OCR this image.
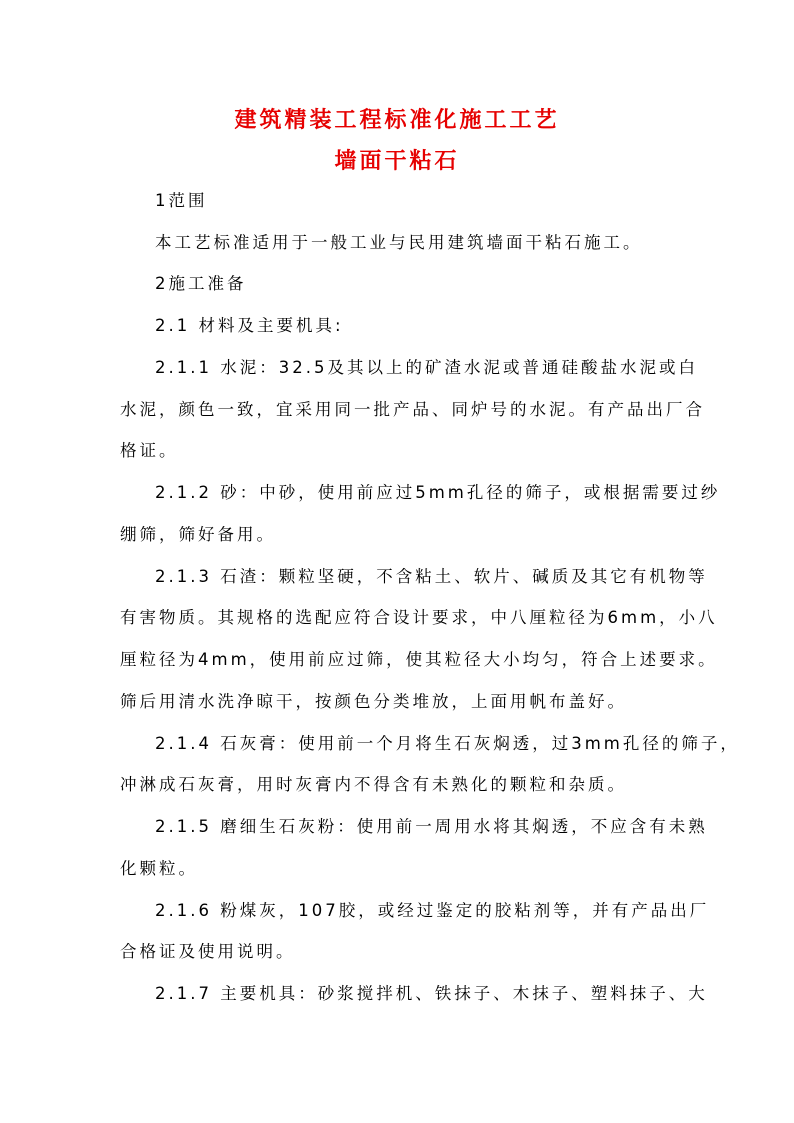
建筑精装工程标准化施工工艺
墙面干粘石
1范围
本工艺标准适用于一般工业与民用建筑墙面干粘石施工。
2施工准备
2.1 材料及主要机具:
2.1.1 水泥：32.5及其以上的矿渣水泥或普通硅酸盐水泥或白
水泥，颜色一致，宜采用同一批产品、同炉号的水泥。有产品出厂合
格证。
2.1.2 砂：中砂，使用前应过5mm孔径的筛子，或根据需要过纱
绷筛，筛好备用。
2.1.3 石渣：颗粒坚硬，不含粘土、软片、碱质及其它有机物等
有害物质。其规格的选配应符合设计要求，中八厘粒径为6mm，小八
厘粒径为4mm，使用前应过筛，使其粒径大小均匀，符合上述要求。
筛后用清水洗净晾干，按颜色分类堆放，上面用帆布盖好。
2.1.4 石灰膏：使用前一个月将生石灰焖透，过3mm孔径的筛子，
冲淋成石灰膏，用时灰膏内不得含有未熟化的颗粒和杂质。
2.1.5 磨细生石灰粉：使用前一周用水将其焖透，不应含有未熟
化颗粒。
2.1.6 粉煤灰，107胶，或经过鉴定的胶粘剂等，并有产品出厂
合格证及使用说明。
2.1.7 主要机具：砂浆搅拌机、铁抹子、木抹子、塑料抹子、大
